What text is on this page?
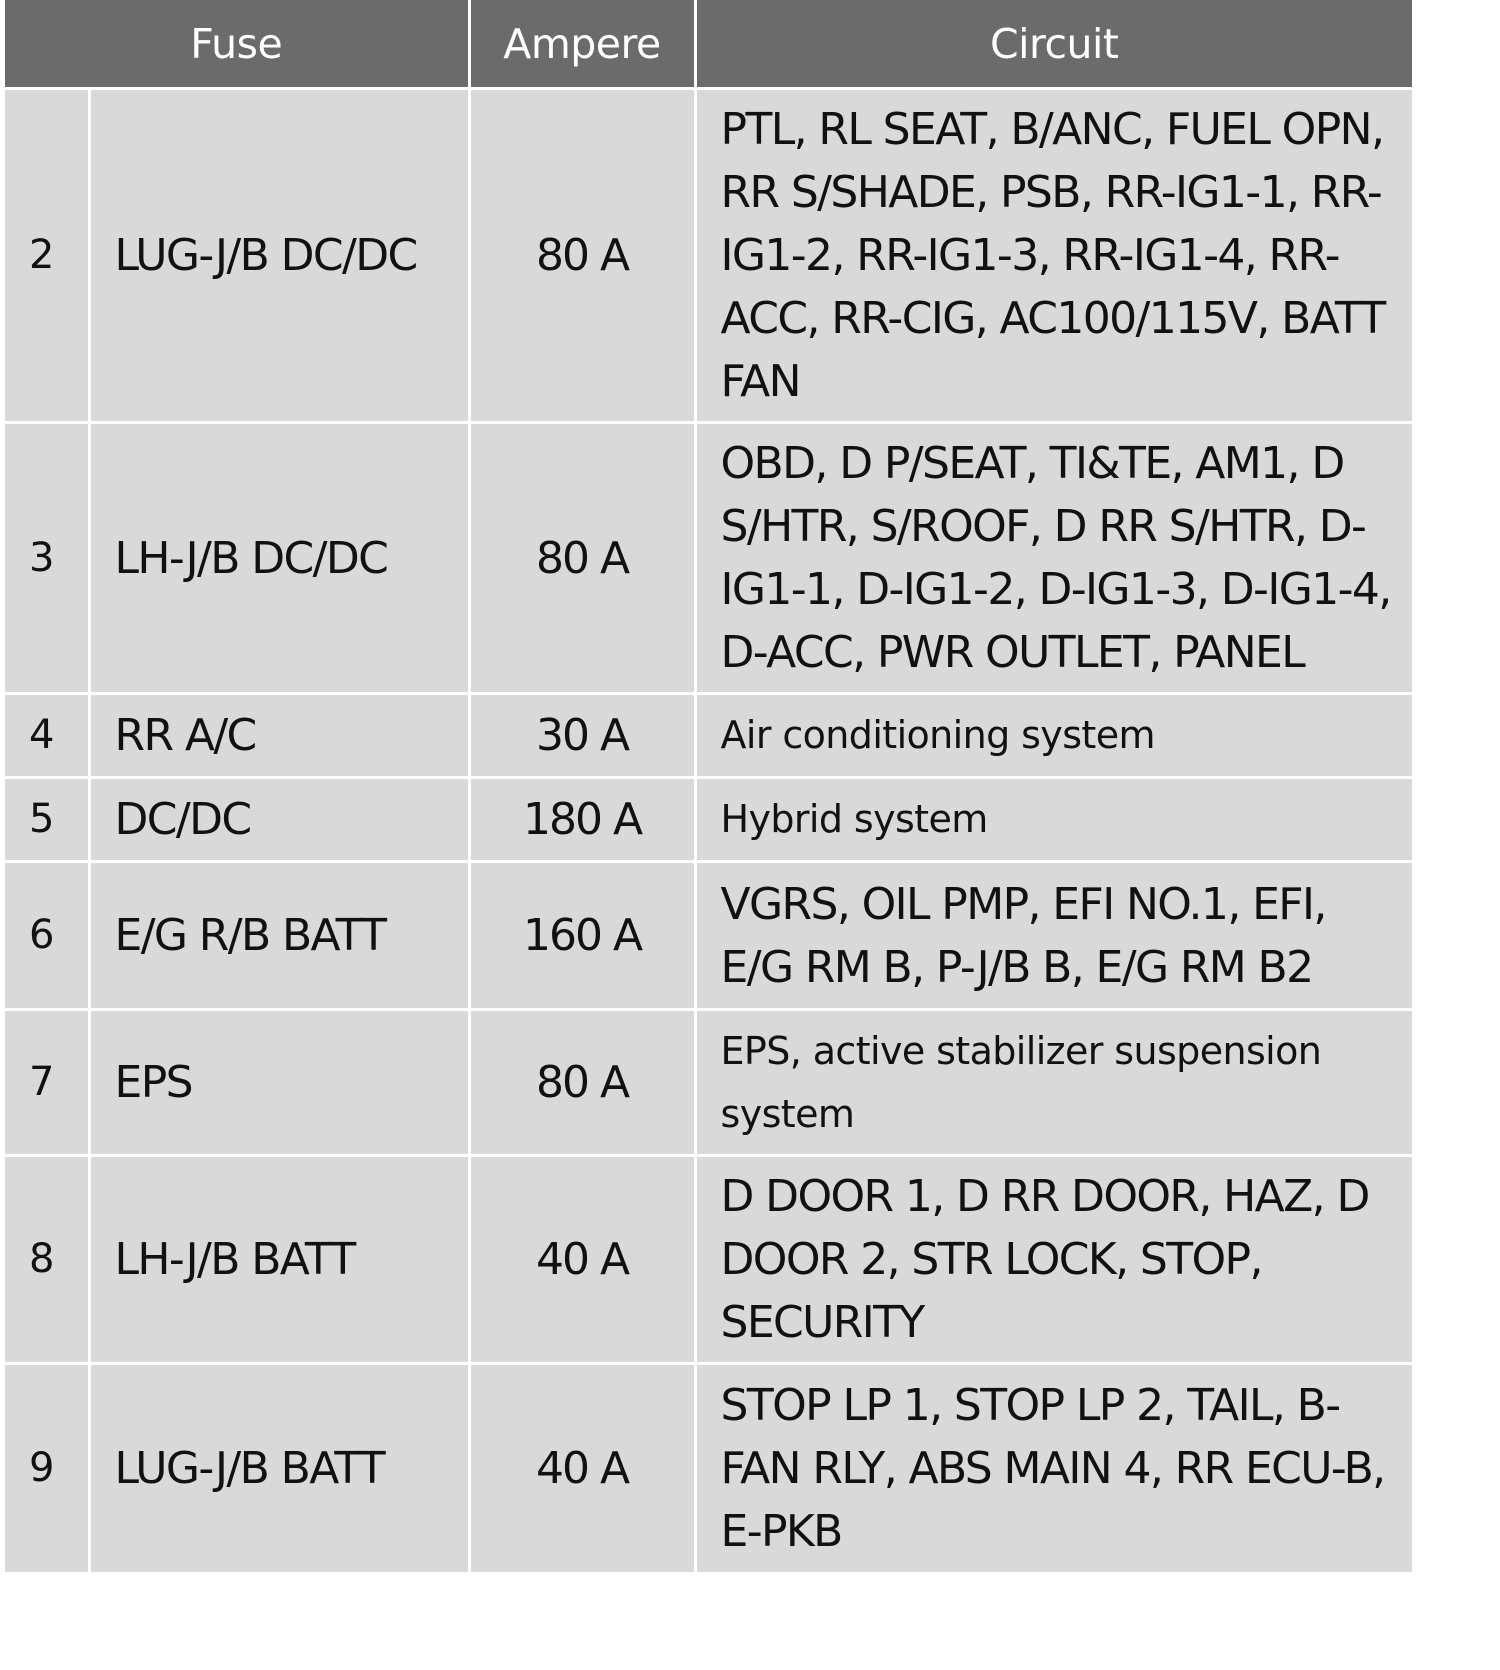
Fuse		Ampere	Circuit
2	LUG-J/B DC/DC	80 A	PTL, RL SEAT, B/ANC, FUEL OPN, RR S/SHADE, PSB, RR-IG1-1, RR-IG1-2, RR-IG1-3, RR-IG1-4, RR-ACC, RR-CIG, AC100/115V, BATT FAN
3	LH-J/B DC/DC	80 A	OBD, D P/SEAT, TI&TE, AM1, D S/HTR, S/ROOF, D RR S/HTR, D-IG1-1, D-IG1-2, D-IG1-3, D-IG1-4, D-ACC, PWR OUTLET, PANEL
4	RR A/C	30 A	Air conditioning system
5	DC/DC	180 A	Hybrid system
6	E/G R/B BATT	160 A	VGRS, OIL PMP, EFI NO.1, EFI, E/G RM B, P-J/B B, E/G RM B2
7	EPS	80 A	EPS, active stabilizer suspension system
8	LH-J/B BATT	40 A	D DOOR 1, D RR DOOR, HAZ, D DOOR 2, STR LOCK, STOP, SECURITY
9	LUG-J/B BATT	40 A	STOP LP 1, STOP LP 2, TAIL, B-FAN RLY, ABS MAIN 4, RR ECU-B, E-PKB
